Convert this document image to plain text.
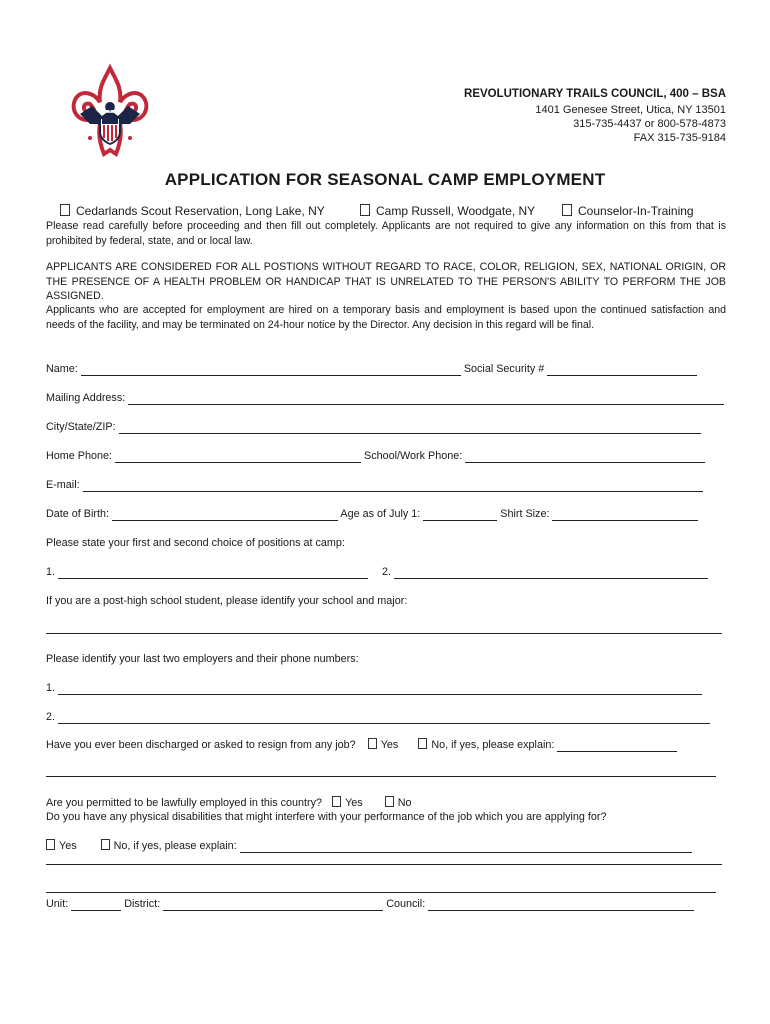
REVOLUTIONARY TRAILS COUNCIL, 400 – BSA
1401 Genesee Street, Utica, NY 13501
315-735-4437 or 800-578-4873
FAX 315-735-9184
APPLICATION FOR SEASONAL CAMP EMPLOYMENT
Cedarlands Scout Reservation, Long Lake, NY	Camp Russell, Woodgate, NY	Counselor-In-Training
Please read carefully before proceeding and then fill out completely. Applicants are not required to give any information on this from that is prohibited by federal, state, and or local law.
APPLICANTS ARE CONSIDERED FOR ALL POSTIONS WITHOUT REGARD TO RACE, COLOR, RELIGION, SEX, NATIONAL ORIGIN, OR THE PRESENCE OF A HEALTH PROBLEM OR HANDICAP THAT IS UNRELATED TO THE PERSON'S ABILITY TO PERFORM THE JOB ASSIGNED.
Applicants who are accepted for employment are hired on a temporary basis and employment is based upon the continued satisfaction and needs of the facility, and may be terminated on 24-hour notice by the Director. Any decision in this regard will be final.
Name:	Social Security #
Mailing Address:
City/State/ZIP:
Home Phone:	School/Work Phone:
E-mail:
Date of Birth:	Age as of July 1:	Shirt Size:
Please state your first and second choice of positions at camp:
1.	2.
If you are a post-high school student, please identify your school and major:
Please identify your last two employers and their phone numbers:
1.
2.
Have you ever been discharged or asked to resign from any job? Yes	No, if yes, please explain:
Are you permitted to be lawfully employed in this country? Yes	No
Do you have any physical disabilities that might interfere with your performance of the job which you are applying for?
Yes	No, if yes, please explain:
Unit:	District:	Council:
